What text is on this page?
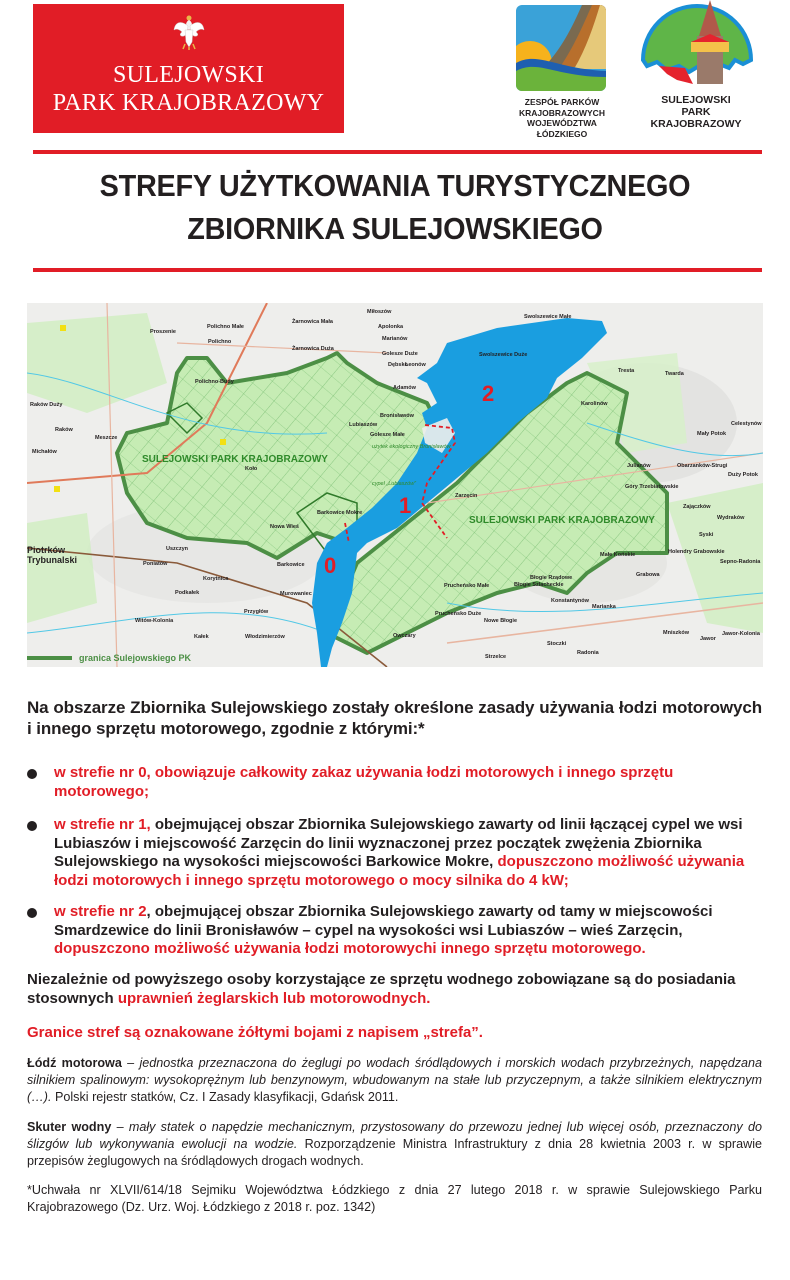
SULEJOWSKI
PARK KRAJOBRAZOWY	ZESPÓŁ PARKÓW
KRAJOBRAZOWYCH
WOJEWÓDZTWA
ŁÓDZKIEGO
SULEJOWSKI
PARK
KRAJOBRAZOWY
STREFY UŻYTKOWANIA TURYSTYCZNEGO
ZBIORNIKA SULEJOWSKIEGO
2
1
0
SULEJOWSKI PARK KRAJOBRAZOWY
SULEJOWSKI PARK KRAJOBRAZOWY
Proszenie
Polichno Małe
Polichno
Żarnowica Mała
Żarnowica Duża
Polichno-Budy
Raków Duży
Raków
Meszcze
Michałów
Koło
Miłoszów
Apolonka
Marianów
Golesze Duże
Dębsko
Leonów
Adamów
Bronisławów
Lubiaszów
Golesze Małe
użytek ekologiczny Bronisławów
cypel „Lubiaszów”
Swolszewice Małe
Swolszewice Duże
Tresta	Twarda
Karolinów
Celestynów
Mały Potok
Julianów	Obarzanków-Strugi
Duży Potok
Góry Trzebiatowskie
Zarzęcin
Zajączków
Wydraków
Syski
Małe Końskie	Holendry Grabowskie
Sepno-Radonia
Grabowa
Błogie Rządowe
Błogie Szlacheckie
Prucheńsko Małe
Prucheńsko Duże
Konstantynów
Marianka
Nowe Błogie
Mniszków
Jawor
Jawor-Kolonia
Stoczki
Radonia
Strzelce
Owczary
Barkowice Mokre
Nowa Wieś
Barkowice
Murowaniec
Uszczyn
Poniatów
Korytnica
Podkałek
Przygłów
Witów-Kolonia
Kałek	Włodzimierzów
Piotrków
Trybunalski
granica Sulejowskiego PK
Na obszarze Zbiornika Sulejowskiego zostały określone zasady używania łodzi motorowych i innego sprzętu motorowego, zgodnie z którymi:*
w strefie nr 0, obowiązuje całkowity zakaz używania łodzi motorowych i innego sprzętu motorowego;
w strefie nr 1, obejmującej obszar Zbiornika Sulejowskiego zawarty od linii łączącej cypel we wsi Lubiaszów i miejscowość Zarzęcin do linii wyznaczonej przez początek zwężenia Zbiornika Sulejowskiego na wysokości miejscowości Barkowice Mokre, dopuszczono możliwość używania łodzi motorowych i innego sprzętu motorowego o mocy silnika do 4 kW;
w strefie nr 2, obejmującej obszar Zbiornika Sulejowskiego zawarty od tamy w miejscowości Smardzewice do linii Bronisławów – cypel na wysokości wsi Lubiaszów – wieś Zarzęcin, dopuszczono możliwość używania łodzi motorowychi innego sprzętu motorowego.
Niezależnie od powyższego osoby korzystające ze sprzętu wodnego zobowiązane są do posiadania stosownych uprawnień żeglarskich lub motorowodnych.
Granice stref są oznakowane żółtymi bojami z napisem „strefa”.
Łódź motorowa – jednostka przeznaczona do żeglugi po wodach śródlądowych i morskich wodach przybrzeżnych, napędzana silnikiem spalinowym: wysokoprężnym lub benzynowym, wbudowanym na stałe lub przyczepnym, a także silnikiem elektrycznym (…). Polski rejestr statków, Cz. I Zasady klasyfikacji, Gdańsk 2011.
Skuter wodny – mały statek o napędzie mechanicznym, przystosowany do przewozu jednej lub więcej osób, przeznaczony do ślizgów lub wykonywania ewolucji na wodzie. Rozporządzenie Ministra Infrastruktury z dnia 28 kwietnia 2003 r. w sprawie przepisów żeglugowych na śródlądowych drogach wodnych.
*Uchwała nr XLVII/614/18 Sejmiku Województwa Łódzkiego z dnia 27 lutego 2018 r. w sprawie Sulejowskiego Parku Krajobrazowego (Dz. Urz. Woj. Łódzkiego z 2018 r. poz. 1342)
